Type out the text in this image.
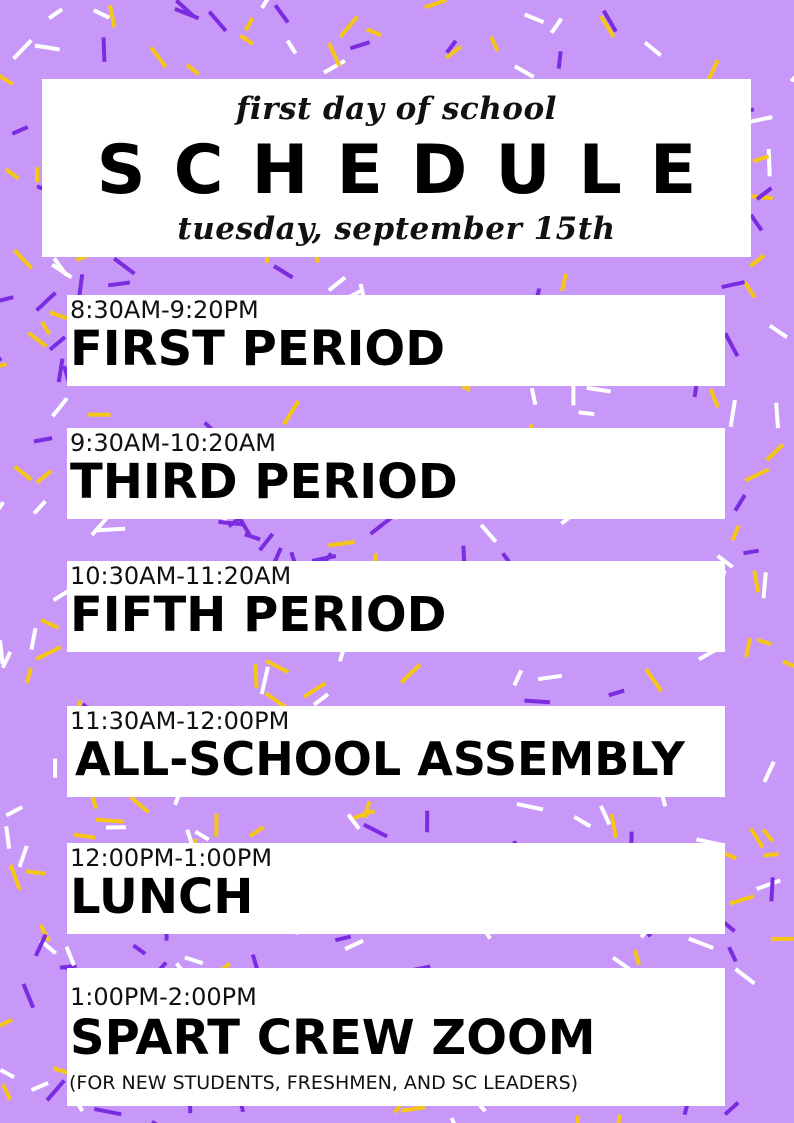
first day of school
SCHEDULE
tuesday, september 15th
8:30AM-9:20PM
FIRST PERIOD
9:30AM-10:20AM
THIRD PERIOD
10:30AM-11:20AM
FIFTH PERIOD
11:30AM-12:00PM
ALL-SCHOOL ASSEMBLY
12:00PM-1:00PM
LUNCH
1:00PM-2:00PM
SPART CREW ZOOM
(FOR NEW STUDENTS, FRESHMEN, AND SC LEADERS)
